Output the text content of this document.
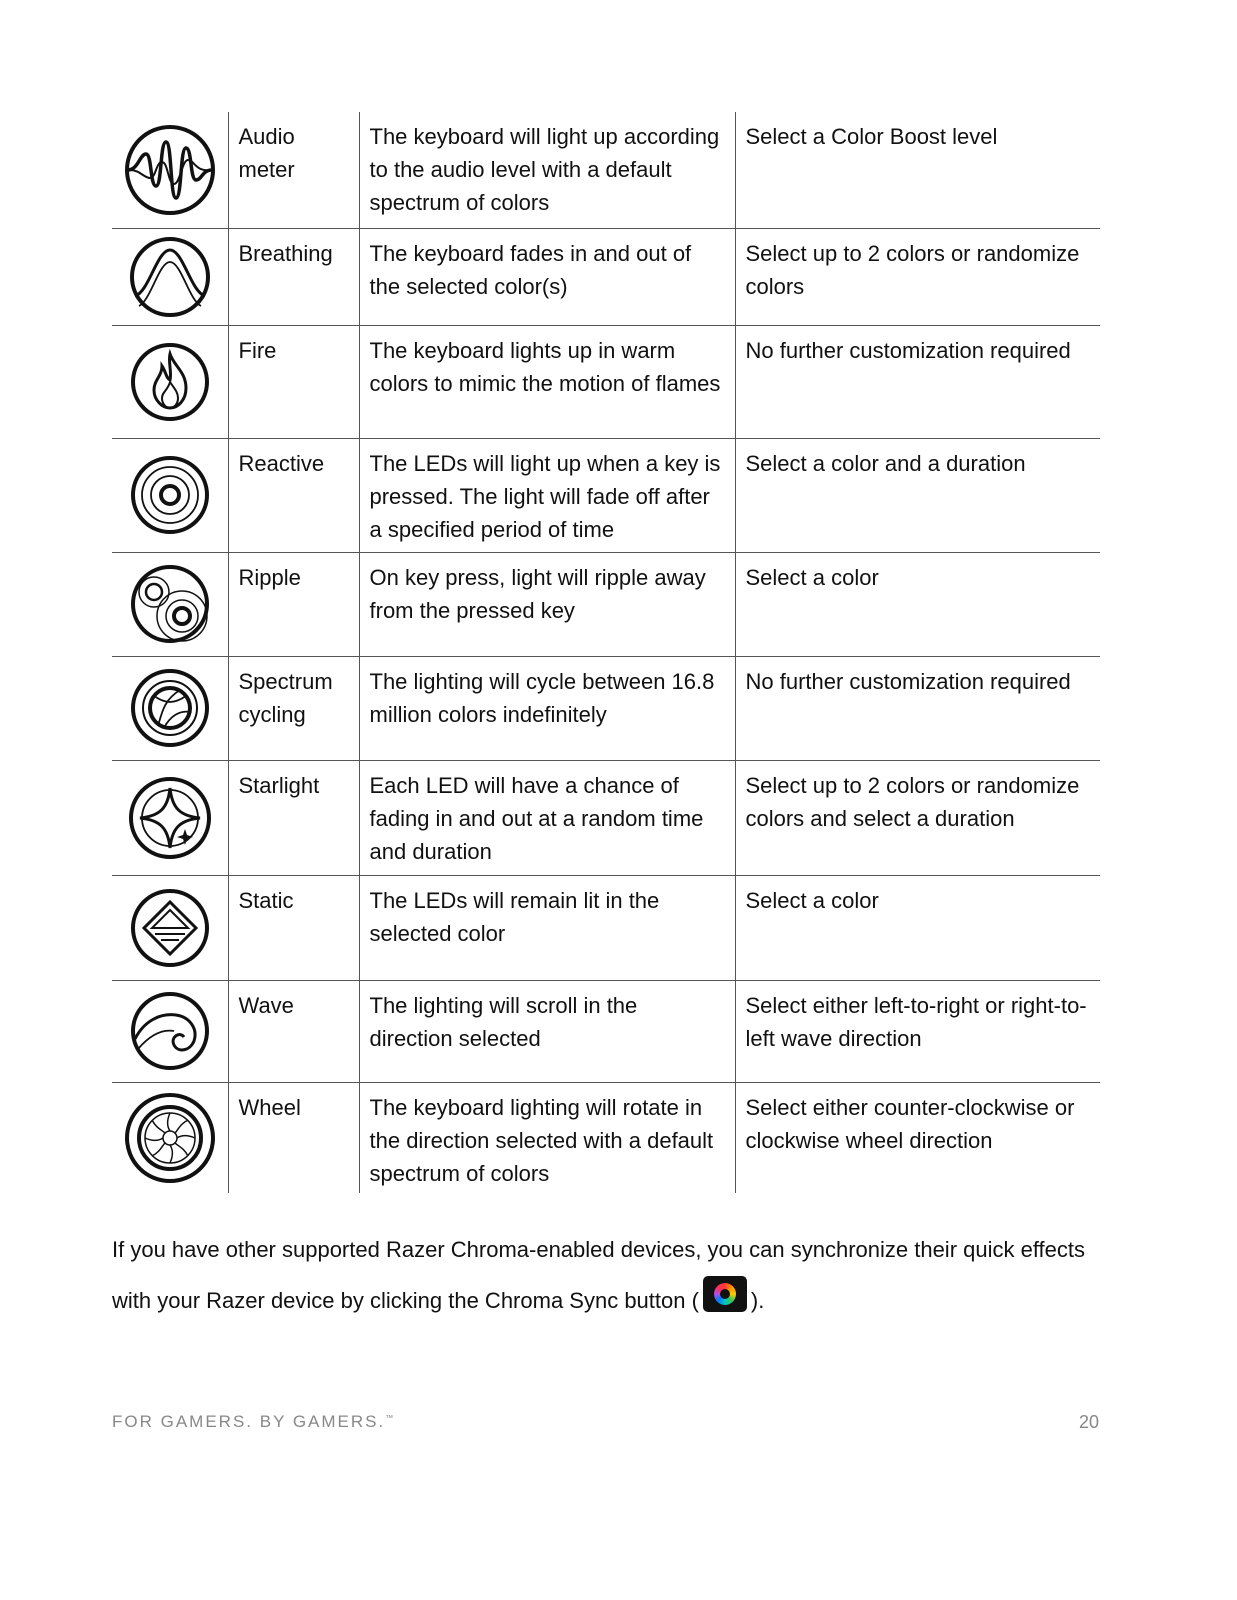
	Audio meter	The keyboard will light up according to the audio level with a default spectrum of colors	Select a Color Boost level

	Breathing	The keyboard fades in and out of the selected color(s)	Select up to 2 colors or randomize colors

	Fire	The keyboard lights up in warm colors to mimic the motion of flames	No further customization required

	Reactive	The LEDs will light up when a key is pressed. The light will fade off after a specified period of time	Select a color and a duration

	Ripple	On key press, light will ripple away from the pressed key	Select a color

	Spectrum cycling	The lighting will cycle between 16.8 million colors indefinitely	No further customization required

	Starlight	Each LED will have a chance of fading in and out at a random time and duration	Select up to 2 colors or randomize colors and select a duration

	Static	The LEDs will remain lit in the selected color	Select a color

	Wave	The lighting will scroll in the direction selected	Select either left-to-right or right-to-left wave direction

	Wheel	The keyboard lighting will rotate in the direction selected with a default spectrum of colors	Select either counter-clockwise or clockwise wheel direction
If you have other supported Razer Chroma-enabled devices, you can synchronize their quick effects with your Razer device by clicking the Chroma Sync button ( ).
FOR GAMERS. BY GAMERS.™	20
